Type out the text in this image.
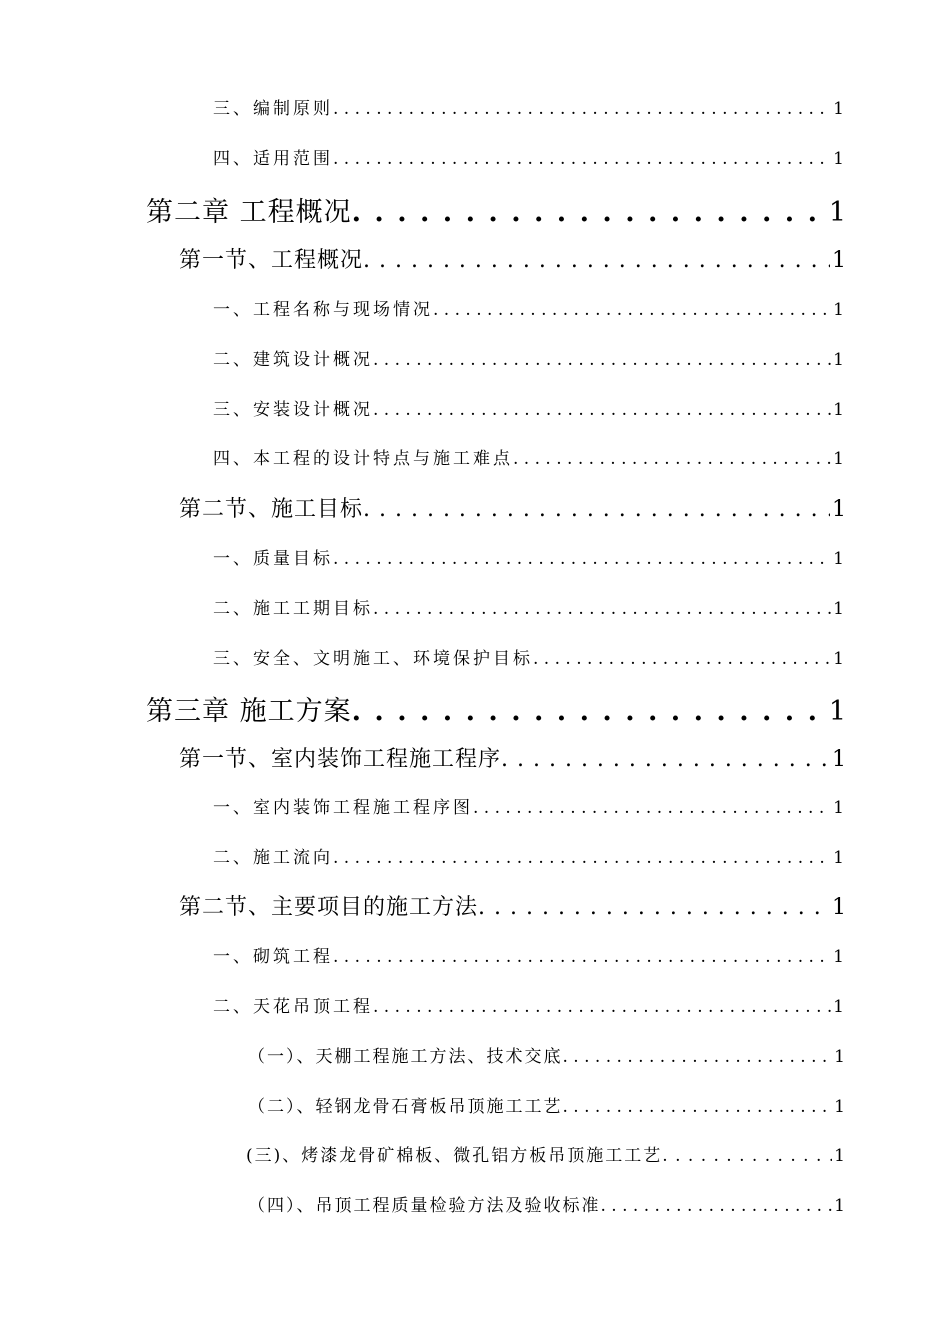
三、编制原则 . . .	1
四、适用范围 . . .	1
第二章 工程概况 . . .	1
第一节、工程概况 . . .	1
一、工程名称与现场情况 . . .	1
二、建筑设计概况 . . .	1
三、安装设计概况 . . .	1
四、本工程的设计特点与施工难点 . . .	1
第二节、施工目标 . . .	1
一、质量目标 . . .	1
二、施工工期目标 . . .	1
三、安全、文明施工、环境保护目标 . . .	1
第三章 施工方案 . . .	1
第一节、室内装饰工程施工程序 . . .	1
一、室内装饰工程施工程序图 . . .	1
二、施工流向 . . .	1
第二节、主要项目的施工方法 . . .	1
一、砌筑工程 . . .	1
二、天花吊顶工程 . . .	1
（一）、天棚工程施工方法、技术交底 . . .	1
（二）、轻钢龙骨石膏板吊顶施工工艺 . . .	1
(三)、烤漆龙骨矿棉板、微孔铝方板吊顶施工工艺 . . .	1
（四）、吊顶工程质量检验方法及验收标准 . . .	1
